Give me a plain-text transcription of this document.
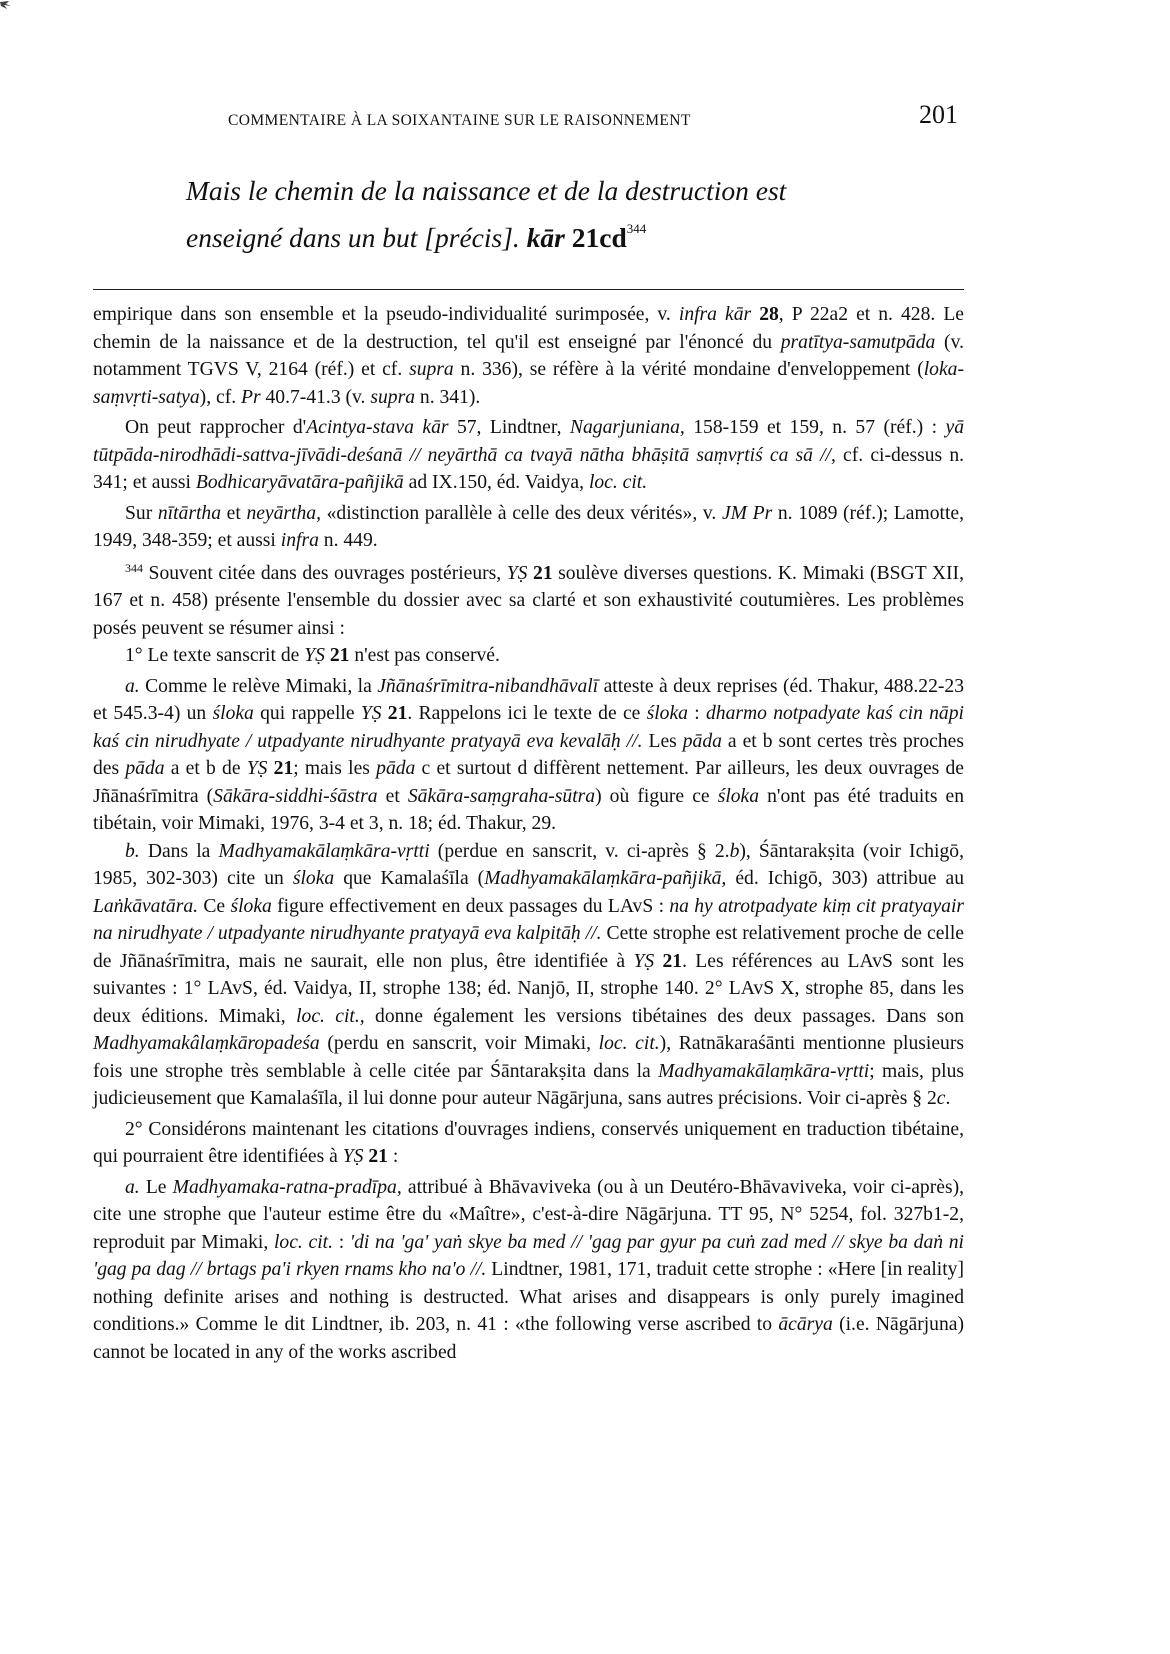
COMMENTAIRE À LA SOIXANTAINE SUR LE RAISONNEMENT	201
Mais le chemin de la naissance et de la destruction est
enseigné dans un but [précis]. kār $21cd^{344}$

empirique dans son ensemble et la pseudo-individualité surimposée, v. infra kār 28, P 22a2 et n. 428. Le chemin de la naissance et de la destruction, tel qu'il est enseigné par l'énoncé du pratītya-samutpāda (v. notamment TGVS V, 2164 (réf.) et cf. supra n. 336), se réfère à la vérité mondaine d'enveloppement (loka-saṃvṛti-satya), cf. Pr 40.7-41.3 (v. supra n. 341).

On peut rapprocher d'Acintya-stava kār 57, Lindtner, Nagarjuniana, 158-159 et 159, n. 57 (réf.) : yā tūtpāda-nirodhādi-sattva-jīvādi-deśanā // neyārthā ca tvayā nātha bhāṣitā saṃvṛtiś ca sā //, cf. ci-dessus n. 341; et aussi Bodhicaryāvatāra-pañjikā ad IX.150, éd. Vaidya, loc. cit.

Sur nītārtha et neyārtha, «distinction parallèle à celle des deux vérités», v. JM Pr n. 1089 (réf.); Lamotte, 1949, 348-359; et aussi infra n. 449.

$^{344}$ Souvent citée dans des ouvrages postérieurs, YṢ 21 soulève diverses questions. K. Mimaki (BSGT XII, 167 et n. 458) présente l'ensemble du dossier avec sa clarté et son exhaustivité coutumières. Les problèmes posés peuvent se résumer ainsi :

1° Le texte sanscrit de YṢ 21 n'est pas conservé.

a. Comme le relève Mimaki, la Jñānaśrīmitra-nibandhāvalī atteste à deux reprises (éd. Thakur, 488.22-23 et 545.3-4) un śloka qui rappelle YṢ 21. Rappelons ici le texte de ce śloka : dharmo notpadyate kaś cin nāpi kaś cin nirudhyate / utpadyante nirudhyante pratyayā eva kevalāḥ //. Les pāda a et b sont certes très proches des pāda a et b de YṢ 21; mais les pāda c et surtout d diffèrent nettement. Par ailleurs, les deux ouvrages de Jñānaśrīmitra (Sākāra-siddhi-śāstra et Sākāra-saṃgraha-sūtra) où figure ce śloka n'ont pas été traduits en tibétain, voir Mimaki, 1976, 3-4 et 3, n. 18; éd. Thakur, 29.

b. Dans la Madhyamakālaṃkāra-vṛtti (perdue en sanscrit, v. ci-après § 2.b), Śāntarakṣita (voir Ichigō, 1985, 302-303) cite un śloka que Kamalaśīla (Madhyamakālaṃkāra-pañjikā, éd. Ichigō, 303) attribue au Laṅkāvatāra. Ce śloka figure effectivement en deux passages du LAvS : na hy atrotpadyate kiṃ cit pratyayair na nirudhyate / utpadyante nirudhyante pratyayā eva kalpitāḥ //. Cette strophe est relativement proche de celle de Jñānaśrīmitra, mais ne saurait, elle non plus, être identifiée à YṢ 21. Les références au LAvS sont les suivantes : 1° LAvS, éd. Vaidya, II, strophe 138; éd. Nanjō, II, strophe 140. 2° LAvS X, strophe 85, dans les deux éditions. Mimaki, loc. cit., donne également les versions tibétaines des deux passages. Dans son Madhyamakâlaṃkāropadeśa (perdu en sanscrit, voir Mimaki, loc. cit.), Ratnākaraśānti mentionne plusieurs fois une strophe très semblable à celle citée par Śāntarakṣita dans la Madhyamakālaṃkāra-vṛtti; mais, plus judicieusement que Kamalaśīla, il lui donne pour auteur Nāgārjuna, sans autres précisions. Voir ci-après § 2c.

2° Considérons maintenant les citations d'ouvrages indiens, conservés uniquement en traduction tibétaine, qui pourraient être identifiées à YṢ 21 :

a. Le Madhyamaka-ratna-pradīpa, attribué à Bhāvaviveka (ou à un Deutéro-Bhāvaviveka, voir ci-après), cite une strophe que l'auteur estime être du «Maître», c'est-à-dire Nāgārjuna. TT 95, N° 5254, fol. 327b1-2, reproduit par Mimaki, loc. cit. : 'di na 'ga' yaṅ skye ba med // 'gag par gyur pa cuṅ zad med // skye ba daṅ ni 'gag pa dag // brtags pa'i rkyen rnams kho na'o //. Lindtner, 1981, 171, traduit cette strophe : «Here [in reality] nothing definite arises and nothing is destructed. What arises and disappears is only purely imagined conditions.» Comme le dit Lindtner, ib. 203, n. 41 : «the following verse ascribed to ācārya (i.e. Nāgārjuna) cannot be located in any of the works ascribed
